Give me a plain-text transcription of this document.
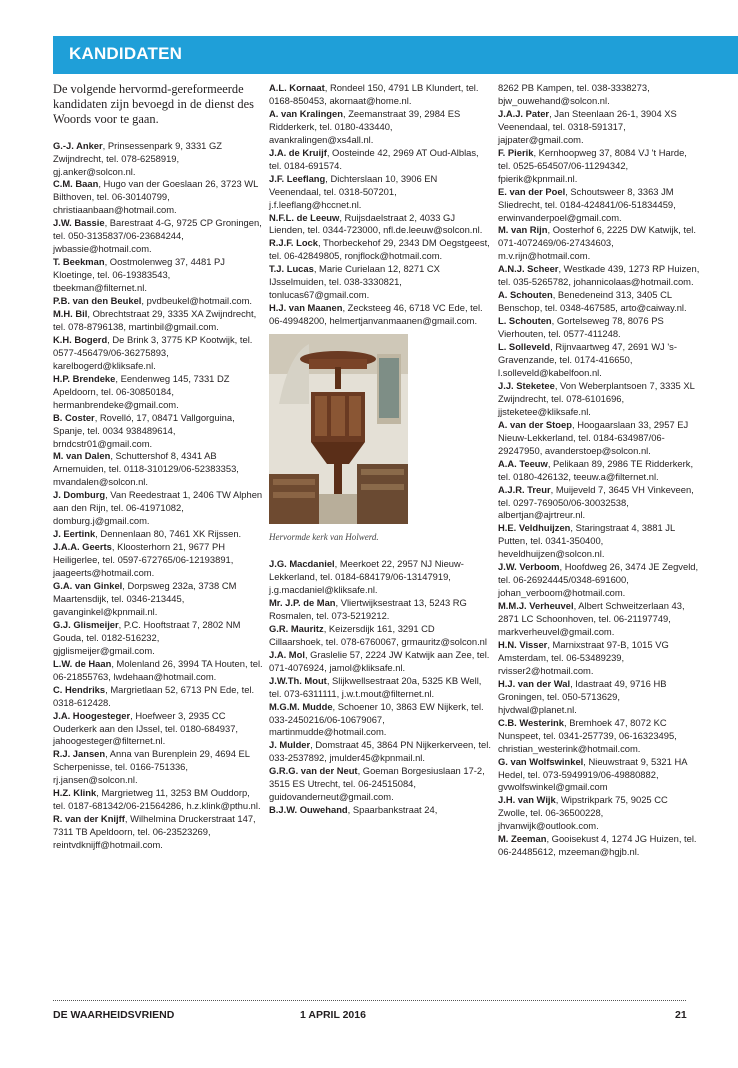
KANDIDATEN

De volgende hervormd-gereformeerde kandidaten zijn bevoegd in de dienst des Woords voor te gaan.

G.-J. Anker, Prinsessenpark 9, 3331 GZ Zwijndrecht, tel. 078-6258919, gj.anker@solcon.nl.

C.M. Baan, Hugo van der Goeslaan 26, 3723 WL Bilthoven, tel. 06-30140799, christiaanbaan@hotmail.com.

J.W. Bassie, Barestraat 4-G, 9725 CP Groningen, tel. 050-3135837/06-23684244, jwbassie@hotmail.com.

T. Beekman, Oostmolenweg 37, 4481 PJ Kloetinge, tel. 06-19383543, tbeekman@filternet.nl.

P.B. van den Beukel, pvdbeukel@hotmail.com.

M.H. Bil, Obrechtstraat 29, 3335 XA Zwijndrecht, tel. 078-8796138, martinbil@gmail.com.

K.H. Bogerd, De Brink 3, 3775 KP Kootwijk, tel. 0577-456479/06-36275893, karelbogerd@kliksafe.nl.

H.P. Brendeke, Eendenweg 145, 7331 DZ Apeldoorn, tel. 06-30850184, hermanbrendeke@gmail.com.

B. Coster, Rovelló, 17, 08471 Vallgorguina, Spanje, tel. 0034 938489614, brndcstr01@gmail.com.

M. van Dalen, Schuttershof 8, 4341 AB Arnemuiden, tel. 0118-310129/06-52383353, mvandalen@solcon.nl.

J. Domburg, Van Reedestraat 1, 2406 TW Alphen aan den Rijn, tel. 06-41971082, domburg.j@gmail.com.

J. Eertink, Dennenlaan 80, 7461 XK Rijssen.

J.A.A. Geerts, Kloosterhorn 21, 9677 PH Heiligerlee, tel. 0597-672765/06-12193891, jaageerts@hotmail.com.

G.A. van Ginkel, Dorpsweg 232a, 3738 CM Maartensdijk, tel. 0346-213445, gavanginkel@kpnmail.nl.

G.J. Glismeijer, P.C. Hooftstraat 7, 2802 NM Gouda, tel. 0182-516232, gjglismeijer@gmail.com.

L.W. de Haan, Molenland 26, 3994 TA Houten, tel. 06-21855763, lwdehaan@hotmail.com.

C. Hendriks, Margrietlaan 52, 6713 PN Ede, tel. 0318-612428.

J.A. Hoogesteger, Hoefweer 3, 2935 CC Ouderkerk aan den IJssel, tel. 0180-684937, jahoogesteger@filternet.nl.

R.J. Jansen, Anna van Burenplein 29, 4694 EL Scherpenisse, tel. 0166-751336, rj.jansen@solcon.nl.

H.Z. Klink, Margrietweg 11, 3253 BM Ouddorp, tel. 0187-681342/06-21564286, h.z.klink@pthu.nl.

R. van der Knijff, Wilhelmina Druckerstraat 147, 7311 TB Apeldoorn, tel. 06-23523269, reintvdknijff@hotmail.com.

A.L. Kornaat, Rondeel 150, 4791 LB Klundert, tel. 0168-850453, akornaat@home.nl.

A. van Kralingen, Zeemanstraat 39, 2984 ES Ridderkerk, tel. 0180-433440, avankralingen@xs4all.nl.

J.A. de Kruijf, Oosteinde 42, 2969 AT Oud-Alblas, tel. 0184-691574.

J.F. Leeflang, Dichterslaan 10, 3906 EN Veenendaal, tel. 0318-507201, j.f.leeflang@hccnet.nl.

N.F.L. de Leeuw, Ruijsdaelstraat 2, 4033 GJ Lienden, tel. 0344-723000, nfl.de.leeuw@solcon.nl.

R.J.F. Lock, Thorbeckehof 29, 2343 DM Oegstgeest, tel. 06-42849805, ronjflock@hotmail.com.

T.J. Lucas, Marie Curielaan 12, 8271 CX IJsselmuiden, tel. 038-3330821, tonlucas67@gmail.com.

H.J. van Maanen, Zecksteeg 46, 6718 VC Ede, tel. 06-49948200, helmertjanvanmaanen@gmail.com.

Hervormde kerk van Holwerd.

J.G. Macdaniel, Meerkoet 22, 2957 NJ Nieuw-Lekkerland, tel. 0184-684179/06-13147919, j.g.macdaniel@kliksafe.nl.

Mr. J.P. de Man, Vliertwijksestraat 13, 5243 RG Rosmalen, tel. 073-5219212.

G.R. Mauritz, Keizersdijk 161, 3291 CD Cillaarshoek, tel. 078-6760067, grmauritz@solcon.nl

J.A. Mol, Graslelie 57, 2224 JW Katwijk aan Zee, tel. 071-4076924, jamol@kliksafe.nl.

J.W.Th. Mout, Slijkwellsestraat 20a, 5325 KB Well, tel. 073-6311111, j.w.t.mout@filternet.nl.

M.G.M. Mudde, Schoener 10, 3863 EW Nijkerk, tel. 033-2450216/06-10679067, martinmudde@hotmail.com.

J. Mulder, Domstraat 45, 3864 PN Nijkerkerveen, tel. 033-2537892, jmulder45@kpnmail.nl.

G.R.G. van der Neut, Goeman Borgesiuslaan 17-2, 3515 ES Utrecht, tel. 06-24515084, guidovanderneut@gmail.com.

B.J.W. Ouwehand, Spaarbankstraat 24,

8262 PB Kampen, tel. 038-3338273, bjw_ouwehand@solcon.nl.

J.A.J. Pater, Jan Steenlaan 26-1, 3904 XS Veenendaal, tel. 0318-591317, jajpater@gmail.com.

F. Pierik, Kernhoopweg 37, 8084 VJ 't Harde, tel. 0525-654507/06-11294342, fpierik@kpnmail.nl.

E. van der Poel, Schoutsweer 8, 3363 JM Sliedrecht, tel. 0184-424841/06-51834459, erwinvanderpoel@gmail.com.

M. van Rijn, Oosterhof 6, 2225 DW Katwijk, tel. 071-4072469/06-27434603, m.v.rijn@hotmail.com.

A.N.J. Scheer, Westkade 439, 1273 RP Huizen, tel. 035-5265782, johannicolaas@hotmail.com.

A. Schouten, Benedeneind 313, 3405 CL Benschop, tel. 0348-467585, arto@caiway.nl.

L. Schouten, Gortelseweg 78, 8076 PS Vierhouten, tel. 0577-411248.

L. Solleveld, Rijnvaartweg 47, 2691 WJ 's-Gravenzande, tel. 0174-416650, l.solleveld@kabelfoon.nl.

J.J. Steketee, Von Weberplantsoen 7, 3335 XL Zwijndrecht, tel. 078-6101696, jjsteketee@kliksafe.nl.

A. van der Stoep, Hoogaarslaan 33, 2957 EJ Nieuw-Lekkerland, tel. 0184-634987/06-29247950, avanderstoep@solcon.nl.

A.A. Teeuw, Pelikaan 89, 2986 TE Ridderkerk, tel. 0180-426132, teeuw.a@filternet.nl.

A.J.R. Treur, Muijeveld 7, 3645 VH Vinkeveen, tel. 0297-769050/06-30032538, albertjan@ajrtreur.nl.

H.E. Veldhuijzen, Staringstraat 4, 3881 JL Putten, tel. 0341-350400, heveldhuijzen@solcon.nl.

J.W. Verboom, Hoofdweg 26, 3474 JE Zegveld, tel. 06-26924445/0348-691600, johan_verboom@hotmail.com.

M.M.J. Verheuvel, Albert Schweitzerlaan 43, 2871 LC Schoonhoven, tel. 06-21197749, markverheuvel@gmail.com.

H.N. Visser, Marnixstraat 97-B, 1015 VG Amsterdam, tel. 06-53489239, rvisser2@hotmail.com.

H.J. van der Wal, Idastraat 49, 9716 HB Groningen, tel. 050-5713629, hjvdwal@planet.nl.

C.B. Westerink, Bremhoek 47, 8072 KC Nunspeet, tel. 0341-257739, 06-16323495, christian_westerink@hotmail.com.

G. van Wolfswinkel, Nieuwstraat 9, 5321 HA Hedel, tel. 073-5949919/06-49880882, gvwolfswinkel@gmail.com

J.H. van Wijk, Wipstrikpark 75, 9025 CC Zwolle, tel. 06-36500228, jhvanwijk@outlook.com.

M. Zeeman, Gooisekust 4, 1274 JG Huizen, tel. 06-24485612, mzeeman@hgjb.nl.

DE WAARHEIDSVRIEND	1 APRIL 2016	21
